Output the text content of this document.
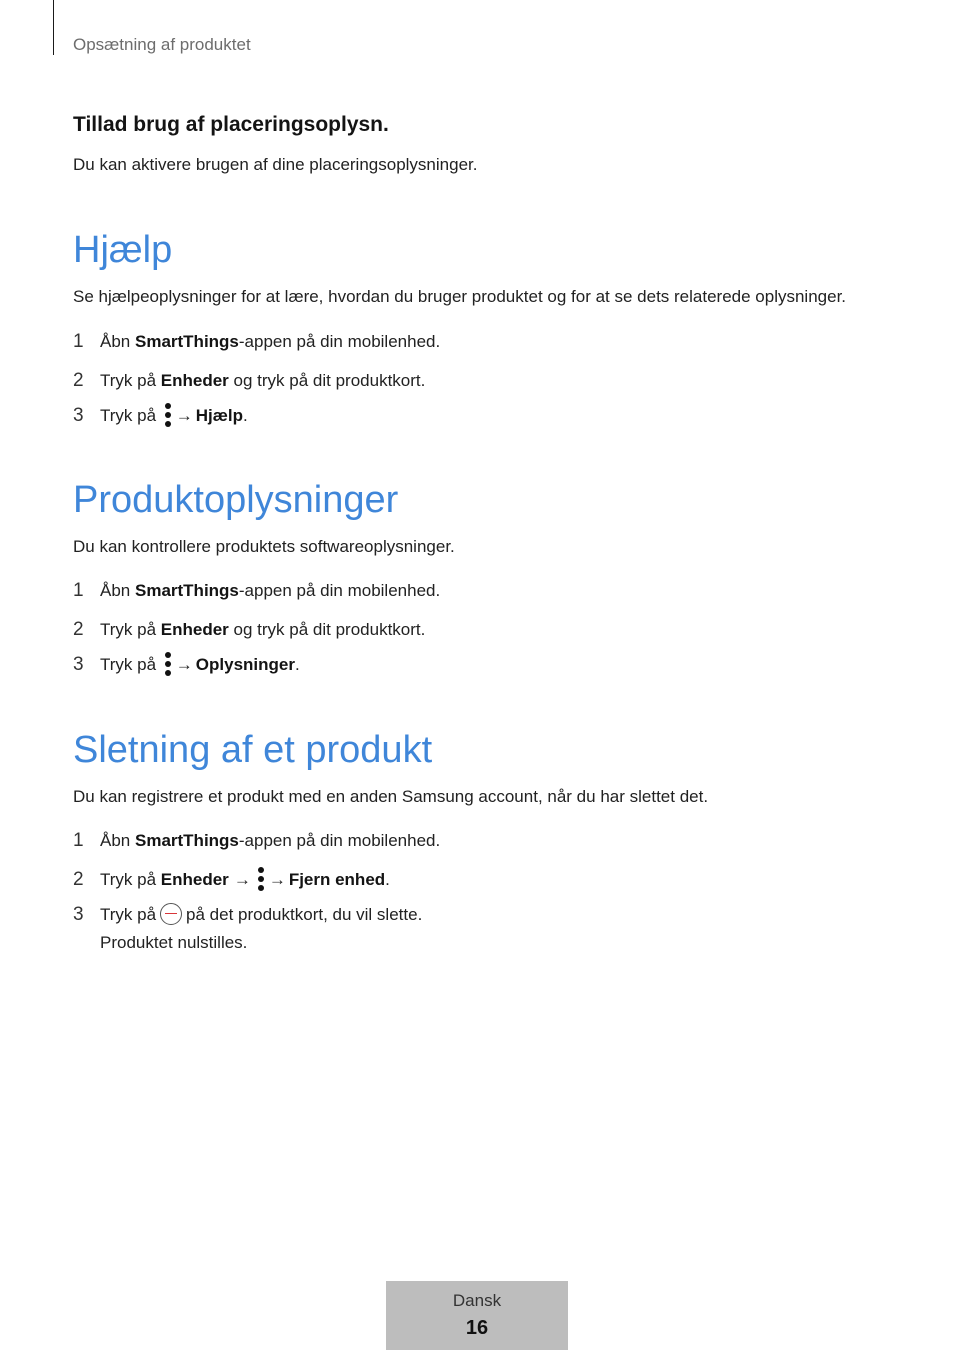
Opsætning af produktet
Tillad brug af placeringsoplysn.
Du kan aktivere brugen af dine placeringsoplysninger.
Hjælp
Se hjælpeoplysninger for at lære, hvordan du bruger produktet og for at se dets relaterede oplysninger.
1 Åbn SmartThings-appen på din mobilenhed.
2 Tryk på Enheder og tryk på dit produktkort.
3 Tryk på
→ Hjælp.
Produktoplysninger
Du kan kontrollere produktets softwareoplysninger.
1 Åbn SmartThings-appen på din mobilenhed.
2 Tryk på Enheder og tryk på dit produktkort.
3 Tryk på
→ Oplysninger.
Sletning af et produkt
Du kan registrere et produkt med en anden Samsung account, når du har slettet det.
1 Åbn SmartThings-appen på din mobilenhed.
2 Tryk på Enheder → → Fjern enhed.
3 Tryk på på det produktkort, du vil slette.
Produktet nulstilles.
Dansk
16
